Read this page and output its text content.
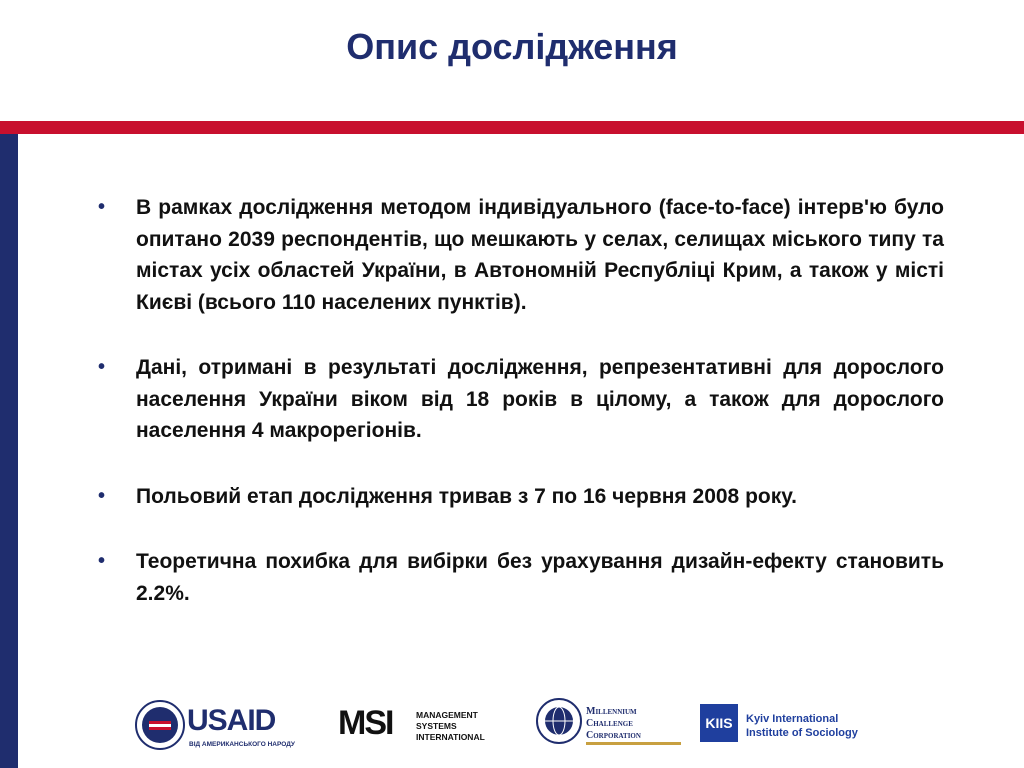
Опис дослідження
• В рамках дослідження методом індивідуального (face-to-face) інтерв'ю було опитано 2039 респондентів, що мешкають у селах, селищах міського типу та містах усіх областей України, в Автономній Республіці Крим, а також у місті Києві (всього 110 населених пунктів).
• Дані, отримані в результаті дослідження, репрезентативні для дорослого населення України віком від 18 років в цілому, а також для дорослого населення 4 макрорегіонів.
• Польовий етап дослідження тривав з 7 по 16 червня 2008 року.
• Теоретична похибка для вибірки без урахування дизайн-ефекту становить 2.2%.
USAID
ВІД АМЕРИКАНСЬКОГО НАРОДУ
MSI	MANAGEMENT
SYSTEMS
INTERNATIONAL
Millennium
Challenge
Corporation
KIIS	Kyiv International
Institute of Sociology
